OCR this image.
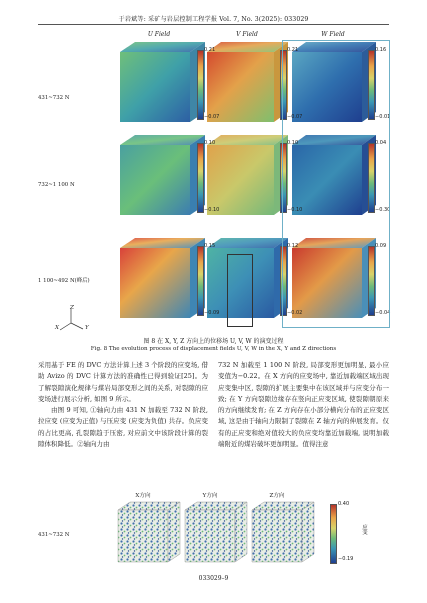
于岩斌等: 采矿与岩层控制工程学报 Vol. 7, No. 3(2025): 033029
U Field	V Field	W Field
431~732 N
732~1 100 N
1 100~492 N(峰后)
0.21
−0.07
0.21
−0.07
0.16
−0.01
0.10
−0.10
0.10
−0.10
0.04
−0.30
0.15
−0.09
0.12
−0.02
0.09
−0.04
Z
X	Y
图 8 在 X, Y, Z 方向上的位移场 U, V, W 的演变过程
Fig. 8 The evolution process of displacement fields U, V, W in the X, Y and Z directions

采用基于 FE 的 DVC 方法计算上述 3 个阶段的应变场, 借助 Avizo 的 DVC 计算方法的准确性已得到验证[25]。为了解裂隙演化规律与煤岩局部变形之间的关系, 对裂隙的应变场进行展示分析, 如图 9 所示。

由图 9 可知, ①轴向力由 431 N 加载至 732 N 阶段, 拉应变 (应变为正值) 与压应变 (应变为负值) 共存。负应变的占比更高, 孔裂隙趋于压密, 对应前文中该阶段计算的裂隙体积降低。②轴向力由

732 N 加载至 1 100 N 阶段, 局部变形更加明显, 最小应变值为−0.22。在 X 方向的应变场中, 靠近加载端区域出现应变集中区, 裂隙的扩展主要集中在该区域并与应变分布一致; 在 Y 方向裂隙边缘存在竖向正应变区域, 使裂隙朝原来的方向继续发育; 在 Z 方向存在小部分横向分布的正应变区域, 这是由于轴向力限制了裂隙在 Z 轴方向的伸展发育。仅有的正应变和绝对值较大的负应变均靠近加载端, 说明加载端附近的煤岩破坏更加明显。值得注意

X方向	Y方向	Z方向
431~732 N
0.40
−0.19
应变
033029–9
